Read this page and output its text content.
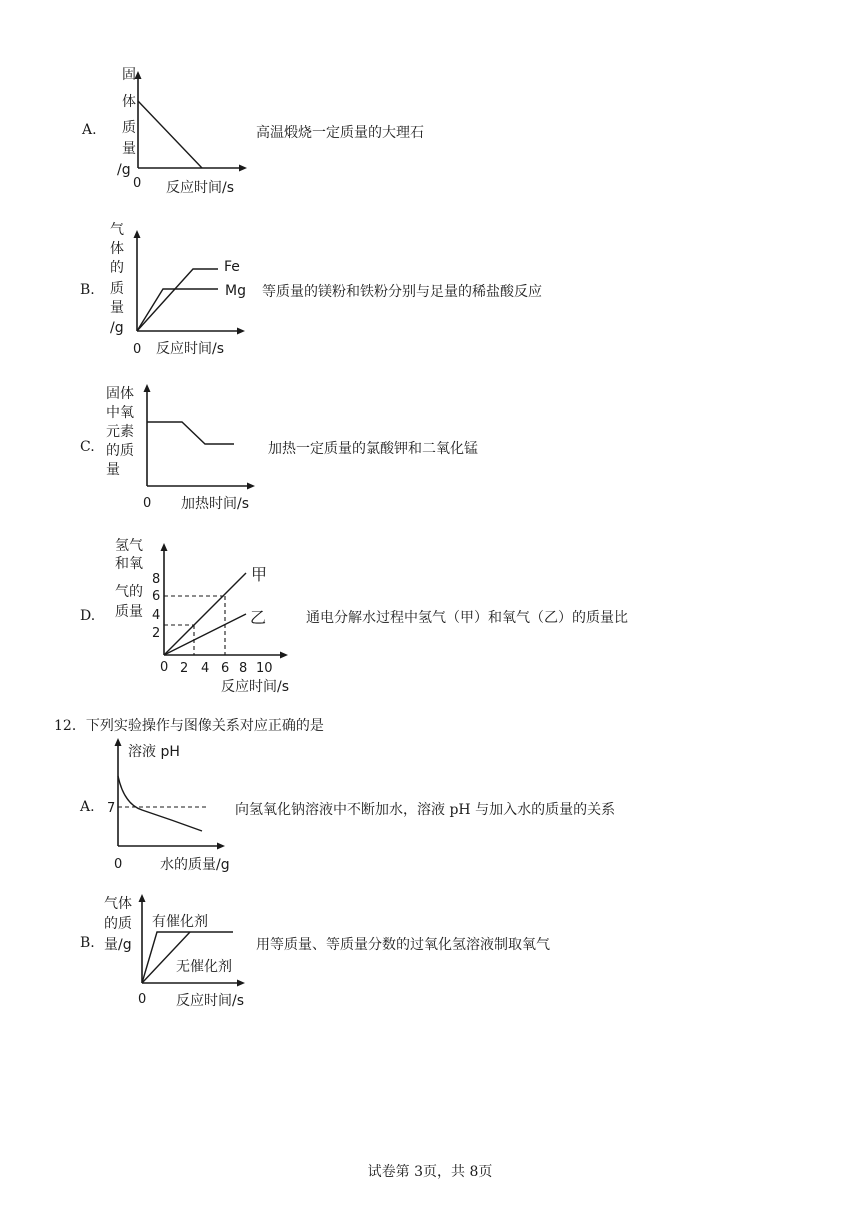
A.
固
体
质
量
/g
0 反应时间/s
高温煅烧一定质量的大理石
B.
气
体
的
质
量
/g
Fe
Mg
0 反应时间/s
等质量的镁粉和铁粉分别与足量的稀盐酸反应
C.
固体
中氧
元素
的质
量
0 加热时间/s
加热一定质量的氯酸钾和二氧化锰
D.
氢气
和氧
气的
质量
甲
乙
2
4
6
8
0 2 4 6 8 10
反应时间/s
通电分解水过程中氢气（甲）和氧气（乙）的质量比
12．下列实验操作与图像关系对应正确的是
A.
溶液 pH
7
0	水的质量/g
向氢氧化钠溶液中不断加水，溶液 pH 与加入水的质量的关系
B.
气体
的质
量/g
有催化剂
无催化剂
0 反应时间/s
用等质量、等质量分数的过氧化氢溶液制取氧气
试卷第 3页，共 8页
